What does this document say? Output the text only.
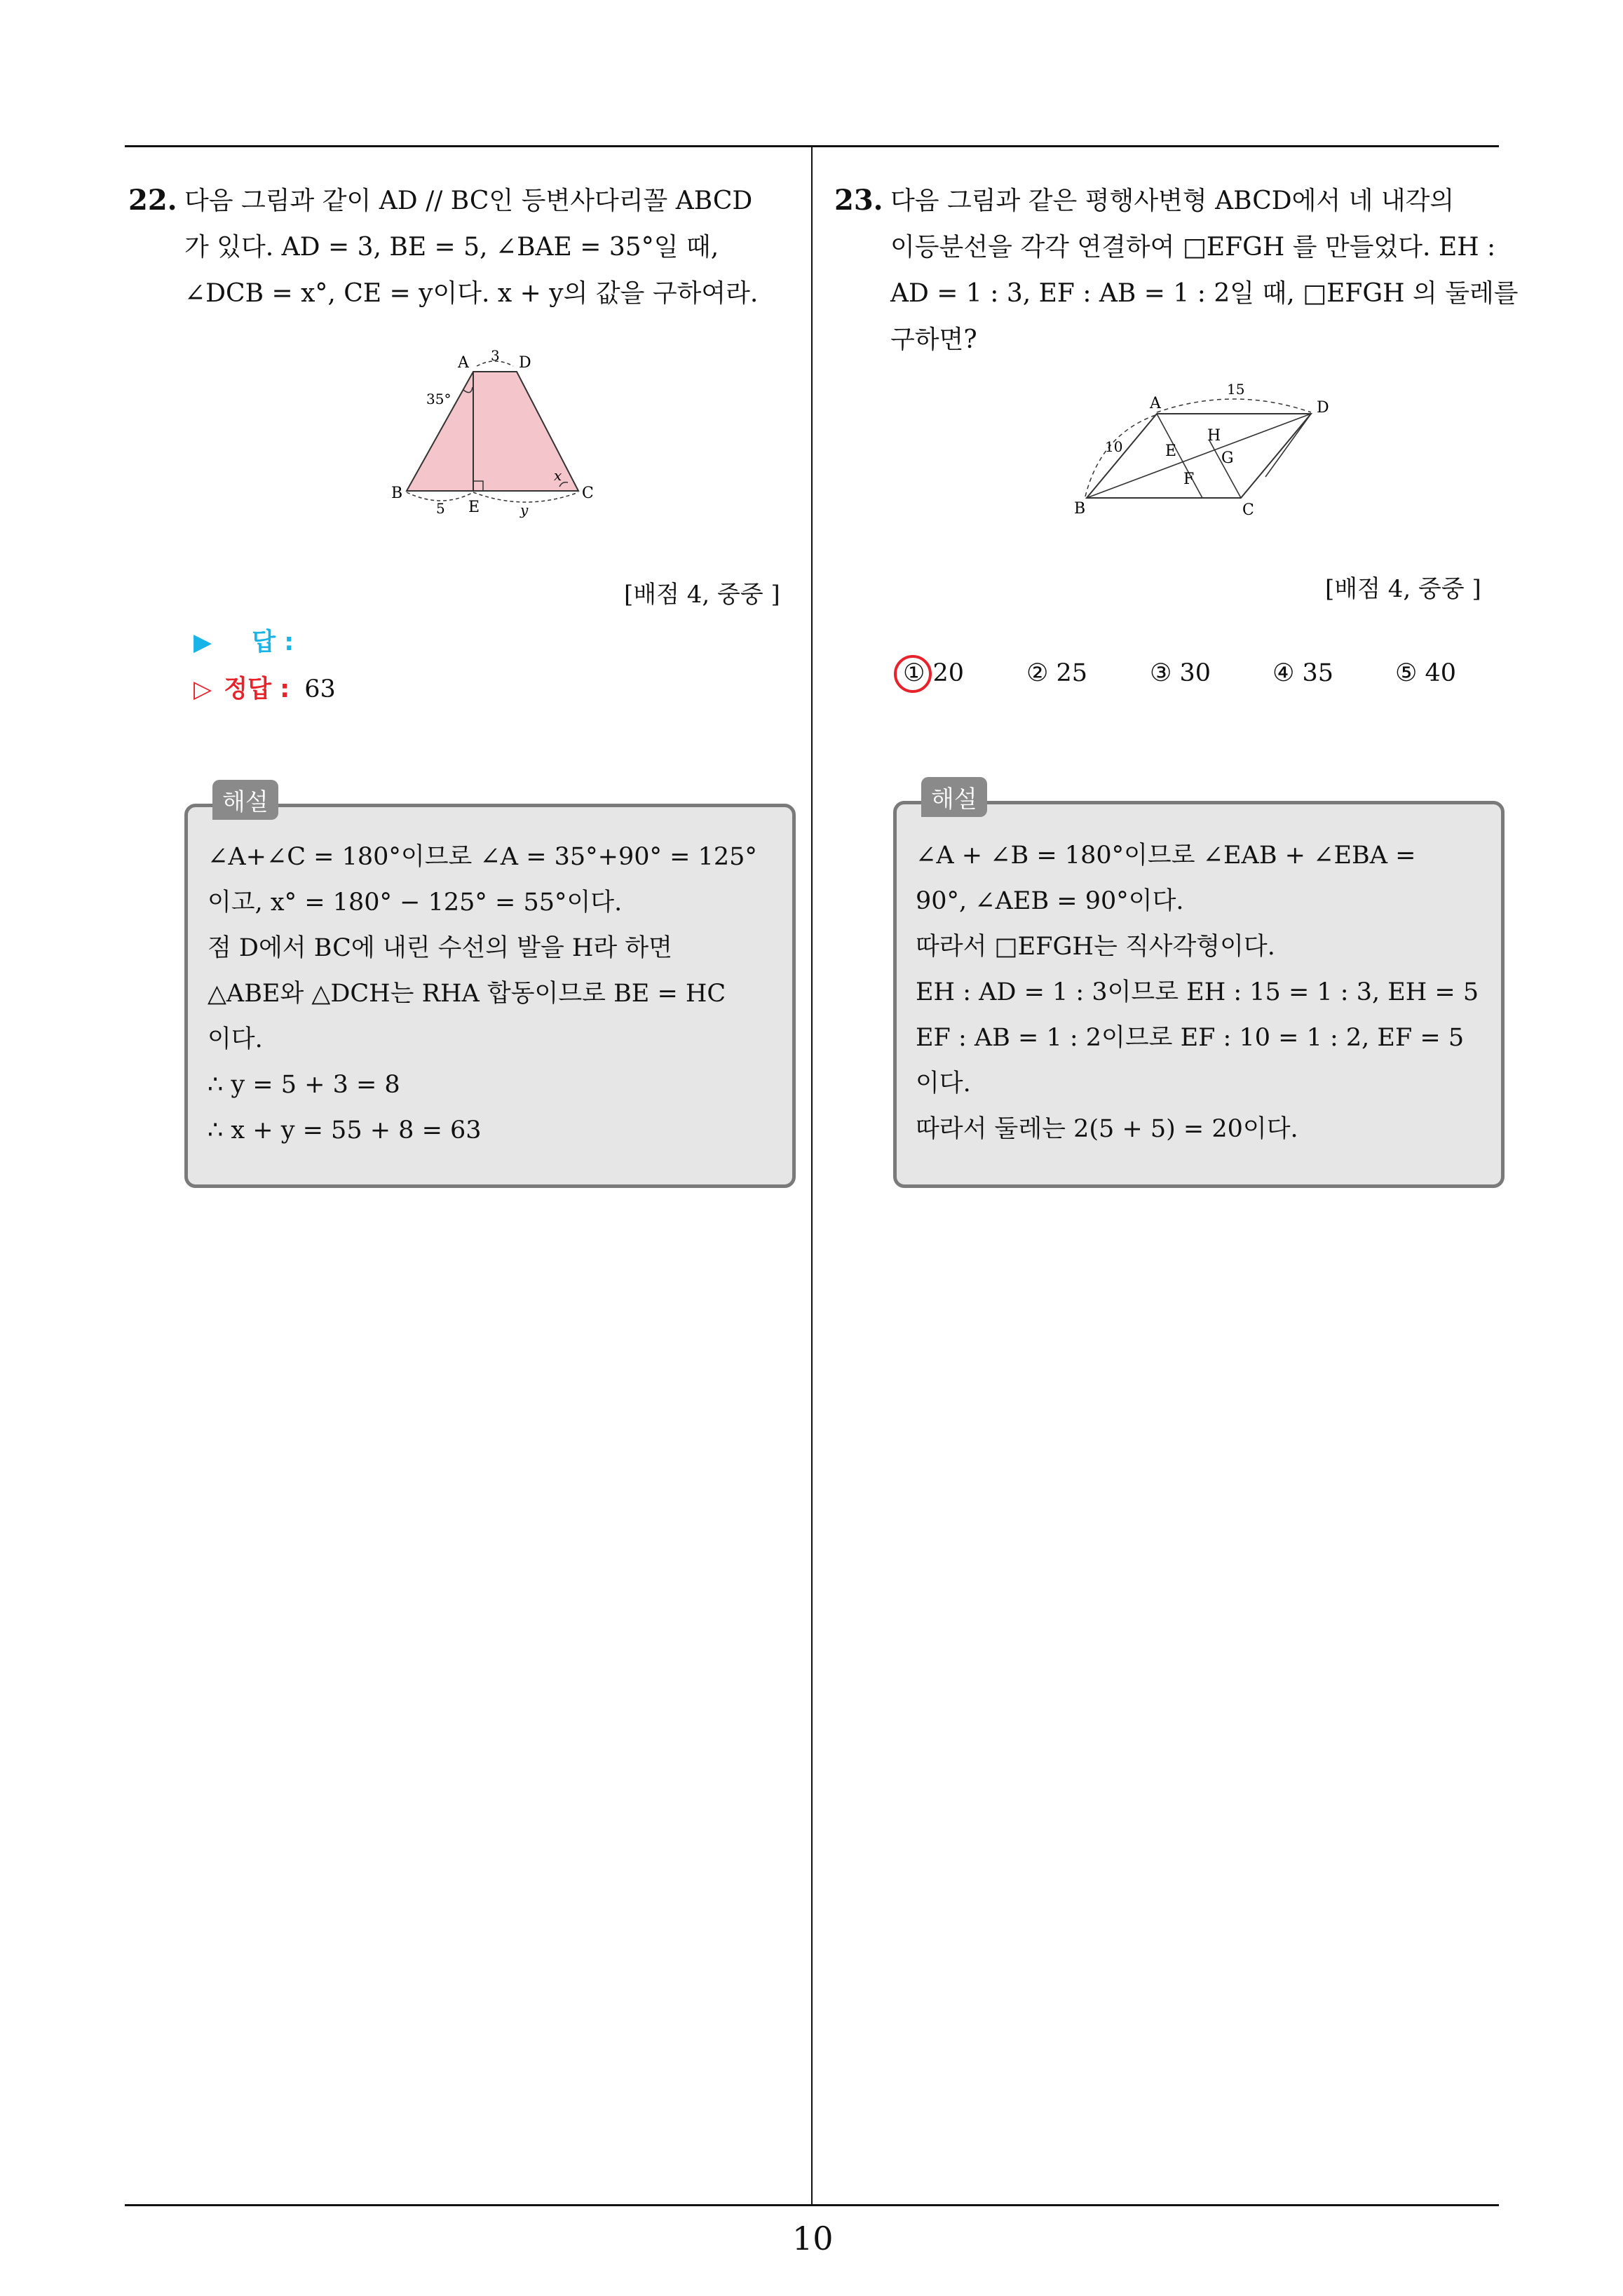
22. 다음 그림과 같이 AD // BC인 등변사다리꼴 ABCD
가 있다. AD = 3, BE = 5, ∠BAE = 35°일 때,
∠DCB = x°, CE = y이다. x + y의 값을 구하여라.
A	D
B	C
E
3
35°
x
5	y
[배점 4, 중중 ]
▶ 답 :
▷ 정답 : 63
해설
∠A+∠C = 180°이므로 ∠A = 35°+90° = 125°
이고, x° = 180° − 125° = 55°이다.
점 D에서 BC에 내린 수선의 발을 H라 하면
△ABE와 △DCH는 RHA 합동이므로 BE = HC
이다.
∴ y = 5 + 3 = 8
∴ x + y = 55 + 8 = 63
23. 다음 그림과 같은 평행사변형 ABCD에서 네 내각의
이등분선을 각각 연결하여 □EFGH 를 만들었다. EH :
AD = 1 : 3, EF : AB = 1 : 2일 때, □EFGH 의 둘레를
구하면?
A	D
B	C
E
F
G
H
15
10
[배점 4, 중중 ]
① 20	② 25	③ 30	④ 35	⑤ 40
해설
∠A + ∠B = 180°이므로 ∠EAB + ∠EBA =
90°, ∠AEB = 90°이다.
따라서 □EFGH는 직사각형이다.
EH : AD = 1 : 3이므로 EH : 15 = 1 : 3, EH = 5
EF : AB = 1 : 2이므로 EF : 10 = 1 : 2, EF = 5
이다.
따라서 둘레는 2(5 + 5) = 20이다.
10
